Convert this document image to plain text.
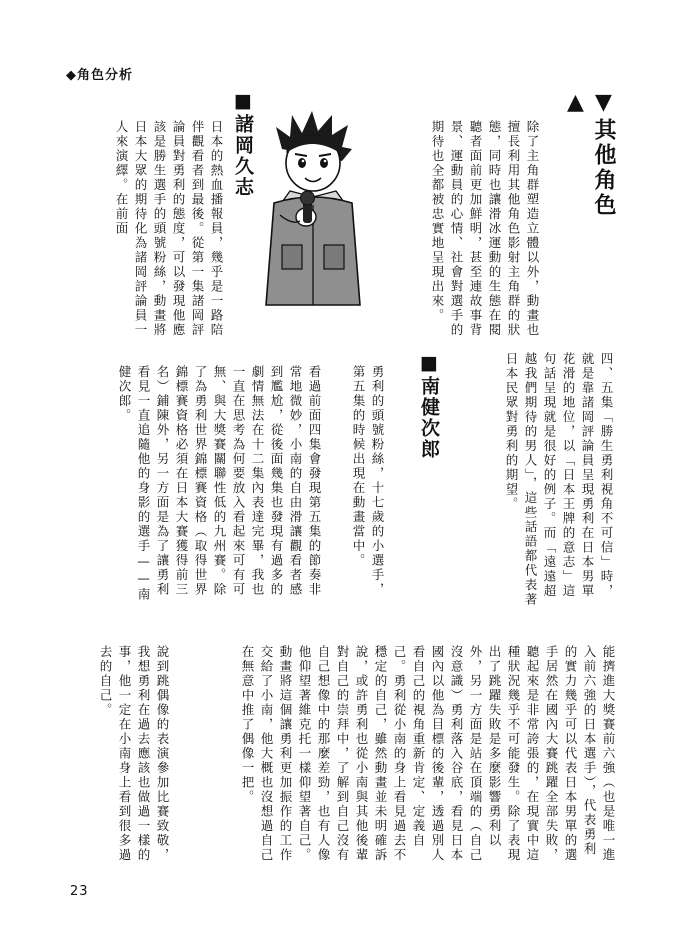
◆角色分析
▼其他角色▲
除了主角群塑造立體以外，動畫也擅長利用其他角色影射主角群的狀態，同時也讓滑冰運動的生態在閱聽者面前更加鮮明，甚至連故事背景、運動員的心情、社會對選手的期待也全都被忠實地呈現出來。
■諸岡久志
日本的熱血播報員，幾乎是一路陪伴觀看者到最後。從第一集諸岡評論員對勇利的態度，可以發現他應該是勝生選手的頭號粉絲，動畫將日本大眾的期待化為諸岡評論員一人來演繹。在前面
四、五集「勝生勇利視角不可信」時，就是靠諸岡評論員呈現勇利在日本男單花滑的地位，以「日本王牌的意志」這句話呈現就是很好的例子。而「遠遠超越我們期待的男人」，這些話語都代表著日本民眾對勇利的期望。
■南健次郎
勇利的頭號粉絲，十七歲的小選手，第五集的時候出現在動畫當中。
看過前面四集會發現第五集的節奏非常地微妙，小南的自由滑讓觀看者感到尷尬，從後面幾集也發現有過多的劇情無法在十二集內表達完畢，我也一直在思考為何要放入看起來可有可無、與大獎賽關聯性低的九州賽。除了為勇利世界錦標賽資格（取得世界錦標賽資格必須在日本大賽獲得前三名）鋪陳外，另一方面是為了讓勇利看見一直追隨他的身影的選手——南健次郎。
能擠進大獎賽前六強（也是唯一進入前六強的日本選手），代表勇利的實力幾乎可以代表日本男單的選手居然在國內大賽跳躍全部失敗，聽起來是非常誇張的，在現實中這種狀況幾乎不可能發生。除了表現出了跳躍失敗是多麼影響勇利以外，另一方面是站在頂端的（自己沒意識）勇利落入谷底，看見日本國內以他為目標的後輩，透過別人看自己的視角重新肯定、定義自己。勇利從小南的身上看見過去不穩定的自己，雖然動畫並未明確訴說，或許勇利也從小南與其他後輩對自己的崇拜中，了解到自己沒有自己想像中的那麼差勁，也有人像他仰望著維克托一樣仰望著自己。動畫將這個讓勇利更加振作的工作交給了小南，他大概也沒想過自己在無意中推了偶像一把。
說到跳偶像的表演參加比賽致敬，我想勇利在過去應該也做過一樣的事，他一定在小南身上看到很多過去的自己。
23
